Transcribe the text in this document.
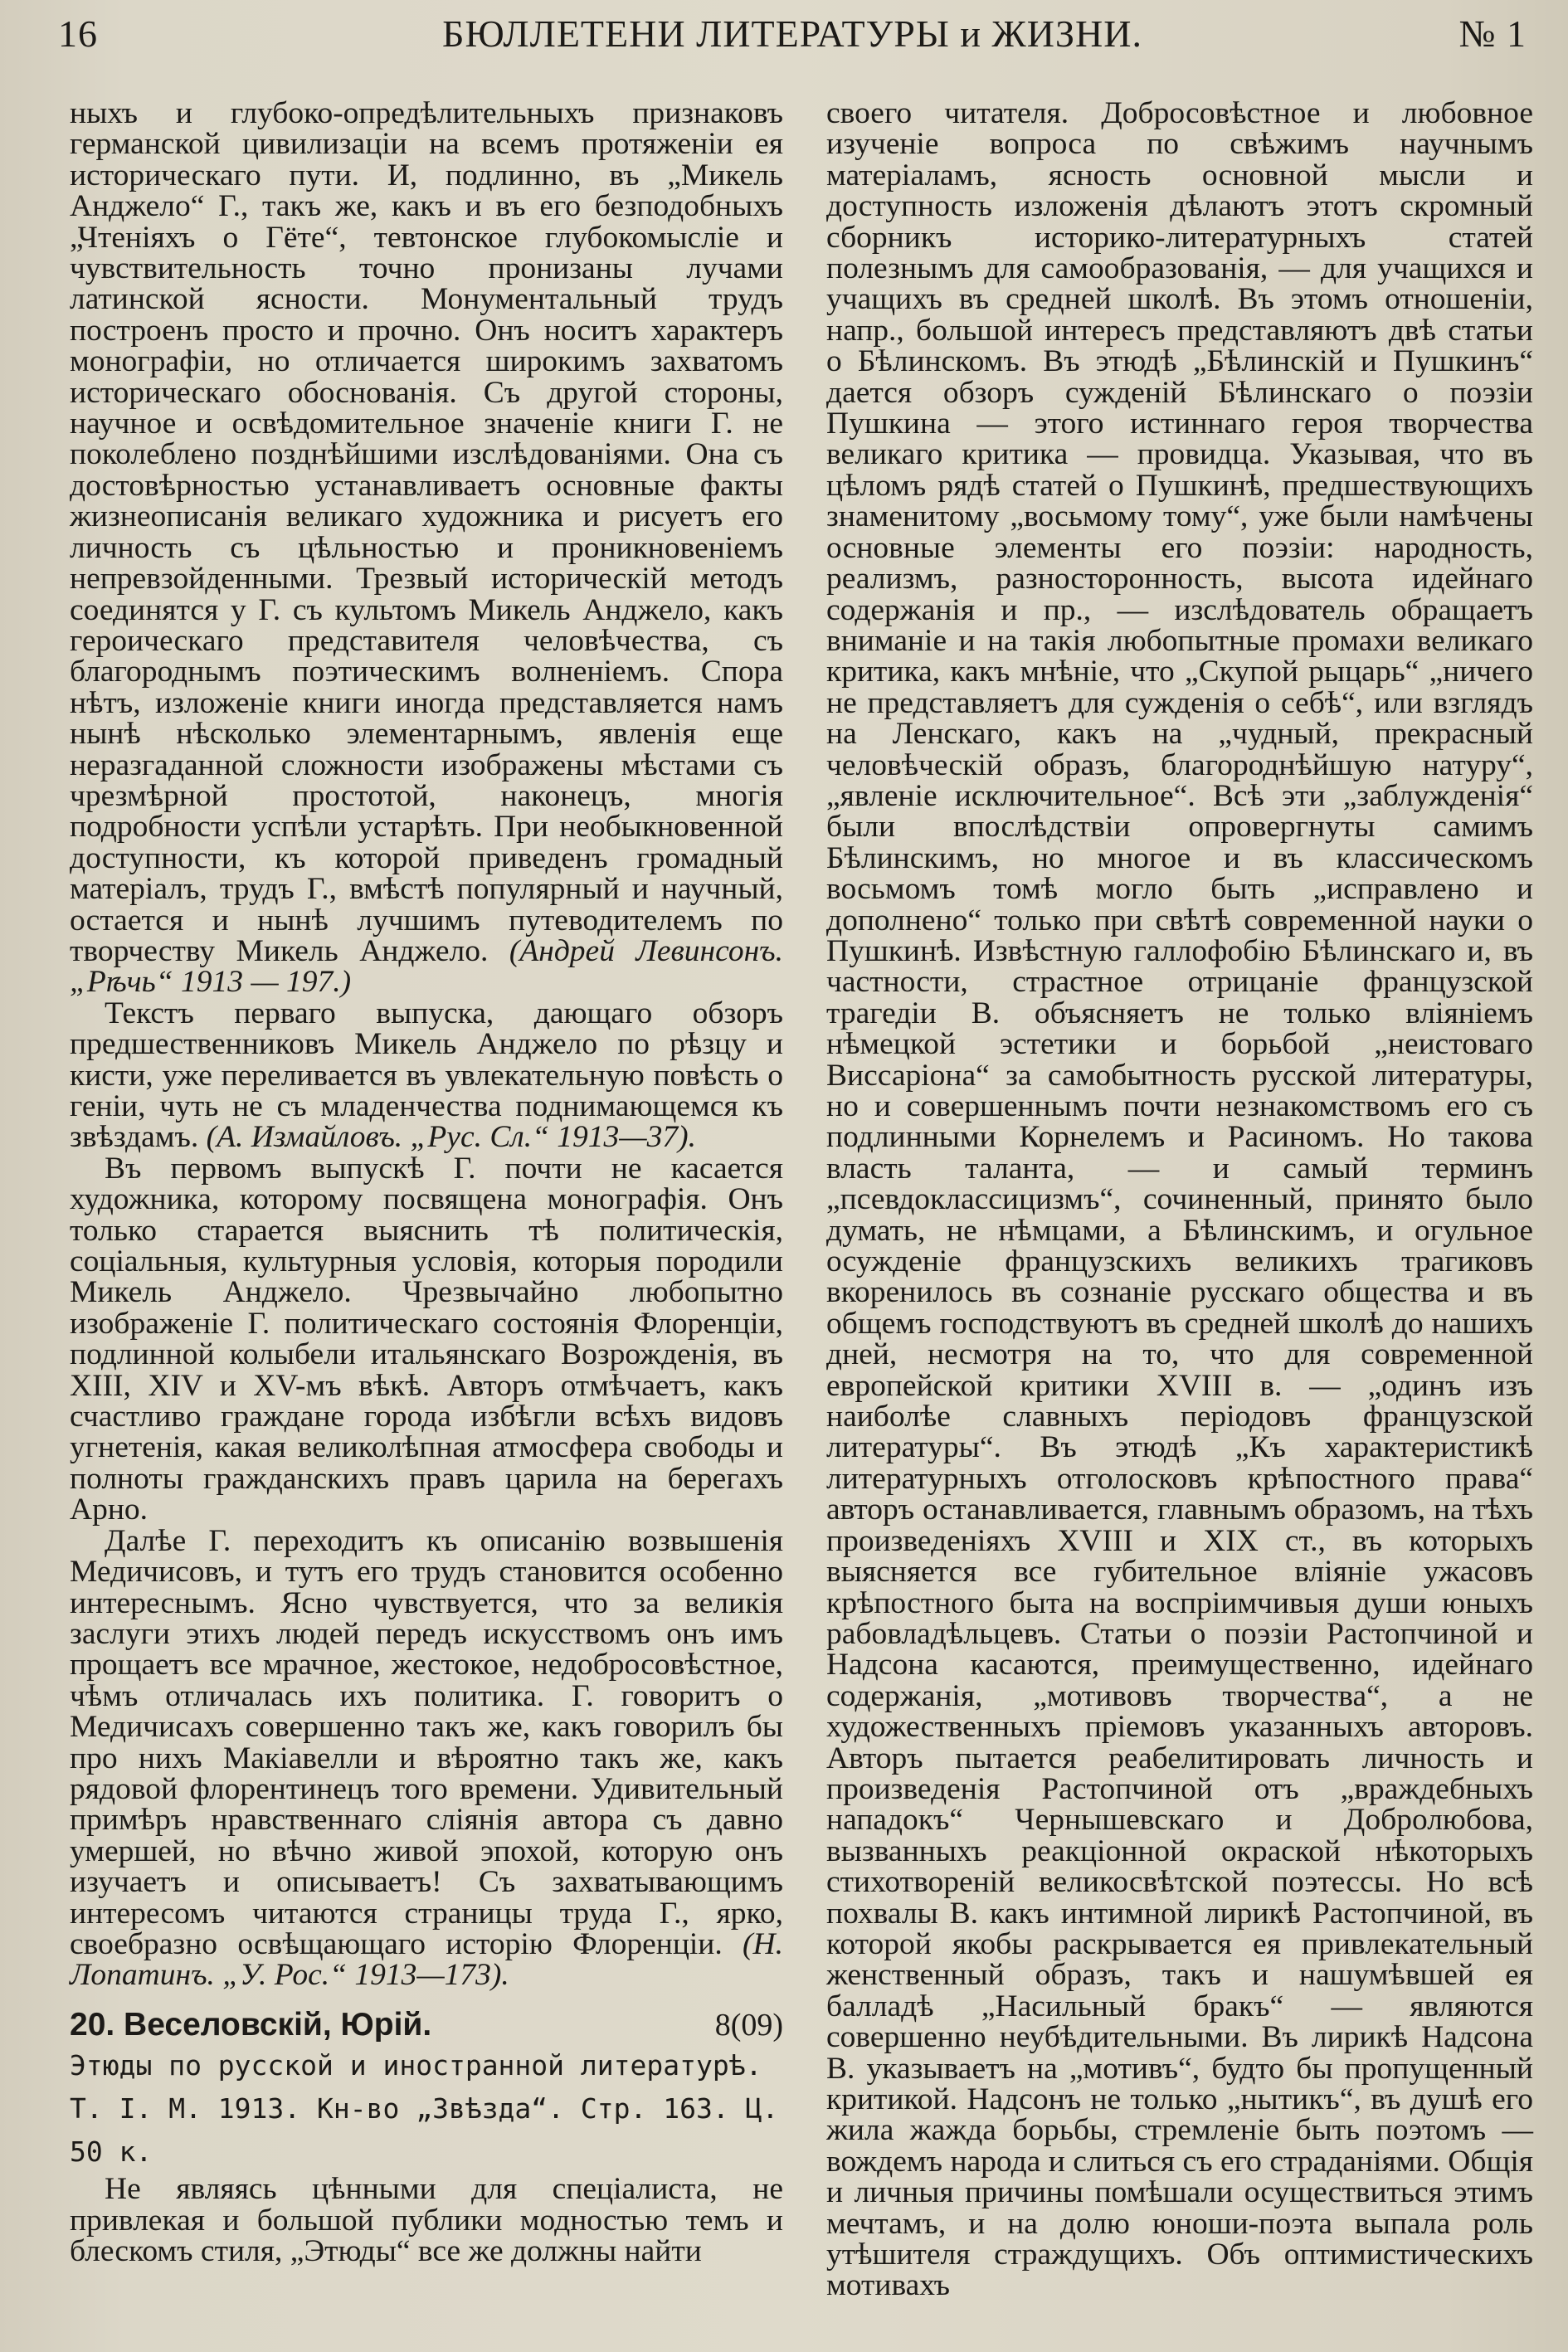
16	БЮЛЛЕТЕНИ ЛИТЕРАТУРЫ и ЖИЗНИ.	№ 1

ныхъ и глубоко-опредѣлительныхъ признаковъ германской цивилизаціи на всемъ протяженіи ея историческаго пути. И, подлинно, въ „Микель Анджело“ Г., такъ же, какъ и въ его безподобныхъ „Чтеніяхъ о Гёте“, тевтонское глубокомысліе и чувствительность точно пронизаны лучами латинской ясности. Монументальный трудъ построенъ просто и прочно. Онъ носитъ характеръ монографіи, но отличается широкимъ захватомъ историческаго обоснованія. Съ другой стороны, научное и освѣдомительное значеніе книги Г. не поколеблено позднѣйшими изслѣдованіями. Она съ достовѣрностью устанавливаетъ основные факты жизнеописанія великаго художника и рисуетъ его личность съ цѣльностью и проникновеніемъ непревзойденными. Трезвый историческій методъ соединятся у Г. съ культомъ Микель Анджело, какъ героическаго представителя человѣчества, съ благороднымъ поэтическимъ волненіемъ. Спора нѣтъ, изложеніе книги иногда представляется намъ нынѣ нѣсколько элементарнымъ, явленія еще неразгаданной сложности изображены мѣстами съ чрезмѣрной простотой, наконецъ, многія подробности успѣли устарѣть. При необыкновенной доступности, къ которой приведенъ громадный матеріалъ, трудъ Г., вмѣстѣ популярный и научный, остается и нынѣ лучшимъ путеводителемъ по творчеству Микель Анджело. (Андрей Левинсонъ. „Рѣчь“ 1913 — 197.)

Текстъ перваго выпуска, дающаго обзоръ предшественниковъ Микель Анджело по рѣзцу и кисти, уже переливается въ увлекательную повѣсть о геніи, чуть не съ младенчества поднимающемся къ звѣздамъ. (А. Измайловъ. „Рус. Сл.“ 1913—37).

Въ первомъ выпускѣ Г. почти не касается художника, которому посвящена монографія. Онъ только старается выяснить тѣ политическія, соціальныя, культурныя условія, которыя породили Микель Анджело. Чрезвычайно любопытно изображеніе Г. политическаго состоянія Флоренціи, подлинной колыбели итальянскаго Возрожденія, въ XIII, XIV и XV-мъ вѣкѣ. Авторъ отмѣчаетъ, какъ счастливо граждане города избѣгли всѣхъ видовъ угнетенія, какая великолѣпная атмосфера свободы и полноты гражданскихъ правъ царила на берегахъ Арно.

Далѣе Г. переходитъ къ описанію возвышенія Медичисовъ, и тутъ его трудъ становится особенно интереснымъ. Ясно чувствуется, что за великія заслуги этихъ людей передъ искусствомъ онъ имъ прощаетъ все мрачное, жестокое, недобросовѣстное, чѣмъ отличалась ихъ политика. Г. говоритъ о Медичисахъ совершенно такъ же, какъ говорилъ бы про нихъ Макіавелли и вѣроятно такъ же, какъ рядовой флорентинецъ того времени. Удивительный примѣръ нравственнаго слiянія автора съ давно умершей, но вѣчно живой эпохой, которую онъ изучаетъ и описываетъ! Съ захватывающимъ интересомъ читаются страницы труда Г., ярко, своебразно освѣщающаго исторію Флоренціи. (Н. Лопатинъ. „У. Рос.“ 1913—173).

20. Веселовскій, Юрій.	8(09)

Этюды по русской и иностранной литературѣ. Т. I. М. 1913. Кн-во „Звѣзда“. Стр. 163. Ц. 50 к.

Не являясь цѣнными для спеціалиста, не привлекая и большой публики модностью темъ и блескомъ стиля, „Этюды“ все же должны найти

своего читателя. Добросовѣстное и любовное изученіе вопроса по свѣжимъ научнымъ матеріаламъ, ясность основной мысли и доступность изложенія дѣлаютъ этотъ скромный сборникъ историко-литературныхъ статей полезнымъ для самообразованія, — для учащихся и учащихъ въ средней школѣ. Въ этомъ отношеніи, напр., большой интересъ представляютъ двѣ статьи о Бѣлинскомъ. Въ этюдѣ „Бѣлинскій и Пушкинъ“ дается обзоръ сужденій Бѣлинскаго о поэзіи Пушкина — этого истиннаго героя творчества великаго критика — провидца. Указывая, что въ цѣломъ рядѣ статей о Пушкинѣ, предшествующихъ знаменитому „восьмому тому“, уже были намѣчены основные элементы его поэзіи: народность, реализмъ, разносторонность, высота идейнаго содержанія и пр., — изслѣдователь обращаетъ вниманіе и на такія любопытные промахи великаго критика, какъ мнѣніе, что „Скупой рыцарь“ „ничего не представляетъ для сужденія о себѣ“, или взглядъ на Ленскаго, какъ на „чудный, прекрасный человѣческій образъ, благороднѣйшую натуру“, „явленіе исключительное“. Всѣ эти „заблужденія“ были впослѣдствіи опровергнуты самимъ Бѣлинскимъ, но многое и въ классическомъ восьмомъ томѣ могло быть „исправлено и дополнено“ только при свѣтѣ современной науки о Пушкинѣ. Извѣстную галлофобію Бѣлинскаго и, въ частности, страстное отрицаніе французской трагедіи В. объясняетъ не только вліяніемъ нѣмецкой эстетики и борьбой „неистоваго Виссаріона“ за самобытность русской литературы, но и совершеннымъ почти незнакомствомъ его съ подлинными Корнелемъ и Расиномъ. Но такова власть таланта, — и самый терминъ „псевдоклассицизмъ“, сочиненный, принято было думать, не нѣмцами, а Бѣлинскимъ, и огульное осужденіе французскихъ великихъ трагиковъ вкоренилось въ сознаніе русскаго общества и въ общемъ господствуютъ въ средней школѣ до нашихъ дней, несмотря на то, что для современной европейской критики XVIII в. — „одинъ изъ наиболѣе славныхъ періодовъ французской литературы“. Въ этюдѣ „Къ характеристикѣ литературныхъ отголосковъ крѣпостного права“ авторъ останавливается, главнымъ образомъ, на тѣхъ произведеніяхъ XVIII и XIX ст., въ которыхъ выясняется все губительное вліяніе ужасовъ крѣпостного быта на воспріимчивыя души юныхъ рабовладѣльцевъ. Статьи о поэзіи Растопчиной и Надсона касаются, преимущественно, идейнаго содержанія, „мотивовъ творчества“, а не художественныхъ пріемовъ указанныхъ авторовъ. Авторъ пытается реабелитировать личность и произведенія Растопчиной отъ „враждебныхъ нападокъ“ Чернышевскаго и Добролюбова, вызванныхъ реакціонной окраской нѣкоторыхъ стихотвореній великосвѣтской поэтессы. Но всѣ похвалы В. какъ интимной лирикѣ Растопчиной, въ которой якобы раскрывается ея привлекательный женственный образъ, такъ и нашумѣвшей ея балладѣ „Насильный бракъ“ — являются совершенно неубѣдительными. Въ лирикѣ Надсона В. указываетъ на „мотивъ“, будто бы пропущенный критикой. Надсонъ не только „нытикъ“, въ душѣ его жила жажда борьбы, стремленіе быть поэтомъ — вождемъ народа и слиться съ его страданіями. Общія и личныя причины помѣшали осуществиться этимъ мечтамъ, и на долю юноши-поэта выпала роль утѣшителя страждущихъ. Объ оптимистическихъ мотивахъ
